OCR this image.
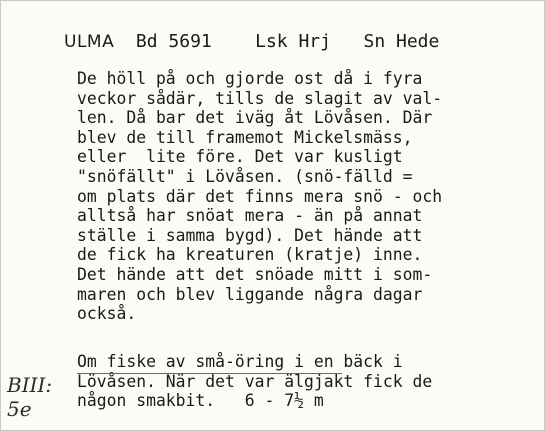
ULMA Bd 5691 Lsk Hrj Sn Hede
De höll på och gjorde ost då i fyra
veckor sådär, tills de slagit av val-
len. Då bar det iväg åt Lövåsen. Där
blev de till framemot Mickelsmäss,
eller  lite före. Det var kusligt
"snöfällt" i Lövåsen. (snö-fälld =
om plats där det finns mera snö - och
alltså har snöat mera - än på annat
ställe i samma bygd). Det hände att
de fick ha kreaturen (kratje) inne.
Det hände att det snöade mitt i som-
maren och blev liggande några dagar
också.
Om fiske av små-öring i en bäck i
Lövåsen. När det var älgjakt fick de
någon smakbit.   6 - 7½ m
BIII:
5e
